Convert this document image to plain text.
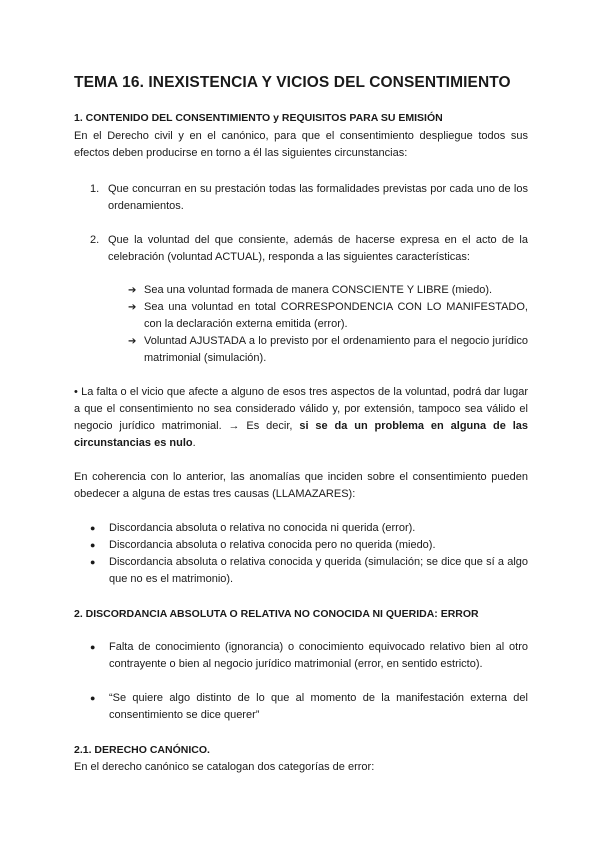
TEMA 16. INEXISTENCIA Y VICIOS DEL CONSENTIMIENTO
1. CONTENIDO DEL CONSENTIMIENTO y REQUISITOS PARA SU EMISIÓN

En el Derecho civil y en el canónico, para que el consentimiento despliegue todos sus efectos deben producirse en torno a él las siguientes circunstancias:

1. Que concurran en su prestación todas las formalidades previstas por cada uno de los ordenamientos.
2. Que la voluntad del que consiente, además de hacerse expresa en el acto de la celebración (voluntad ACTUAL), responda a las siguientes características:
➔ Sea una voluntad formada de manera CONSCIENTE Y LIBRE (miedo).
➔ Sea una voluntad en total CORRESPONDENCIA CON LO MANIFESTADO, con la declaración externa emitida (error).
➔ Voluntad AJUSTADA a lo previsto por el ordenamiento para el negocio jurídico matrimonial (simulación).

• La falta o el vicio que afecte a alguno de esos tres aspectos de la voluntad, podrá dar lugar a que el consentimiento no sea considerado válido y, por extensión, tampoco sea válido el negocio jurídico matrimonial. → Es decir, si se da un problema en alguna de las circunstancias es nulo.

En coherencia con lo anterior, las anomalías que inciden sobre el consentimiento pueden obedecer a alguna de estas tres causas (LLAMAZARES):

● Discordancia absoluta o relativa no conocida ni querida (error).
● Discordancia absoluta o relativa conocida pero no querida (miedo).
● Discordancia absoluta o relativa conocida y querida (simulación; se dice que sí a algo que no es el matrimonio).
2. DISCORDANCIA ABSOLUTA O RELATIVA NO CONOCIDA NI QUERIDA: ERROR
● Falta de conocimiento (ignorancia) o conocimiento equivocado relativo bien al otro contrayente o bien al negocio jurídico matrimonial (error, en sentido estricto).
● “Se quiere algo distinto de lo que al momento de la manifestación externa del consentimiento se dice querer”
2.1. DERECHO CANÓNICO.

En el derecho canónico se catalogan dos categorías de error:
